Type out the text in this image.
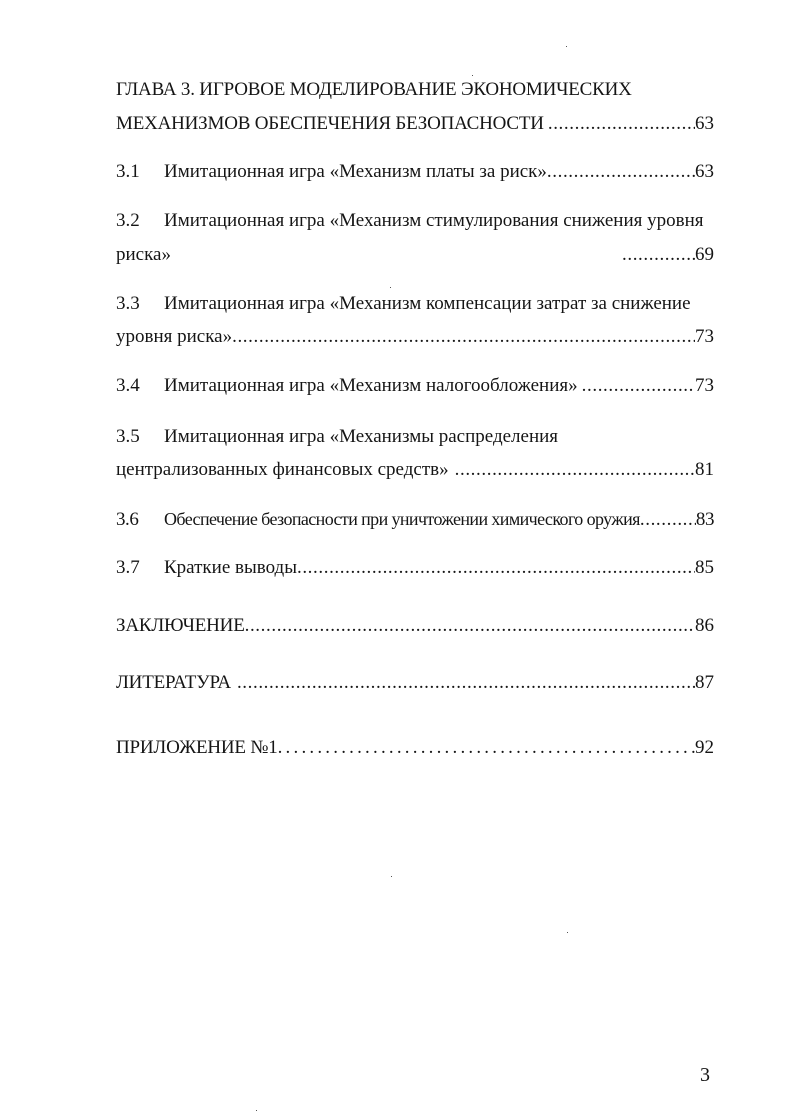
ГЛАВА 3. ИГРОВОЕ МОДЕЛИРОВАНИЕ ЭКОНОМИЧЕСКИХ
МЕХАНИЗМОВ ОБЕСПЕЧЕНИЯ БЕЗОПАСНОСТИ .....	63
3.1	Имитационная игра «Механизм платы за риск» .....	63
3.2	Имитационная игра «Механизм стимулирования снижения уровня
риска» .....	69
3.3	Имитационная игра «Механизм компенсации затрат за снижение
уровня риска» .....	73
3.4	Имитационная игра «Механизм налогообложения» .....	73
3.5	Имитационная игра «Механизмы распределения
централизованных финансовых средств» .....	81
3.6	Обеспечение безопасности при уничтожении химического оружия .....	83
3.7	Краткие выводы .....	85
ЗАКЛЮЧЕНИЕ .....	86
ЛИТЕРАТУРА .....	87
ПРИЛОЖЕНИЕ №1 .....	92
3
